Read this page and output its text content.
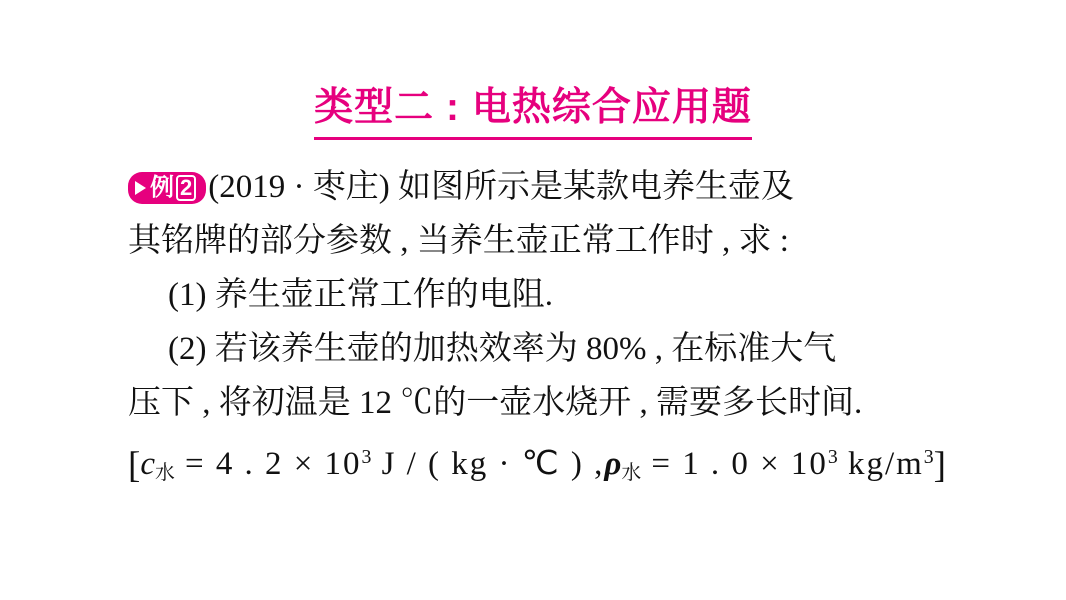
类型二 : 电热综合应用题

例 2 (2019 · 枣庄) 如图所示是某款电养生壶及

其铭牌的部分参数 , 当养生壶正常工作时 , 求 :

(1) 养生壶正常工作的电阻.

(2) 若该养生壶的加热效率为 80% , 在标准大气

压下 , 将初温是 12 ℃的一壶水烧开 , 需要多长时间.

[$c_水 = 4$ . $2 \times 10^3$ J / ( kg · ℃ ) $,\rho_水 = 1$ . $0 \times 10^3$ $kg/m^3$]
